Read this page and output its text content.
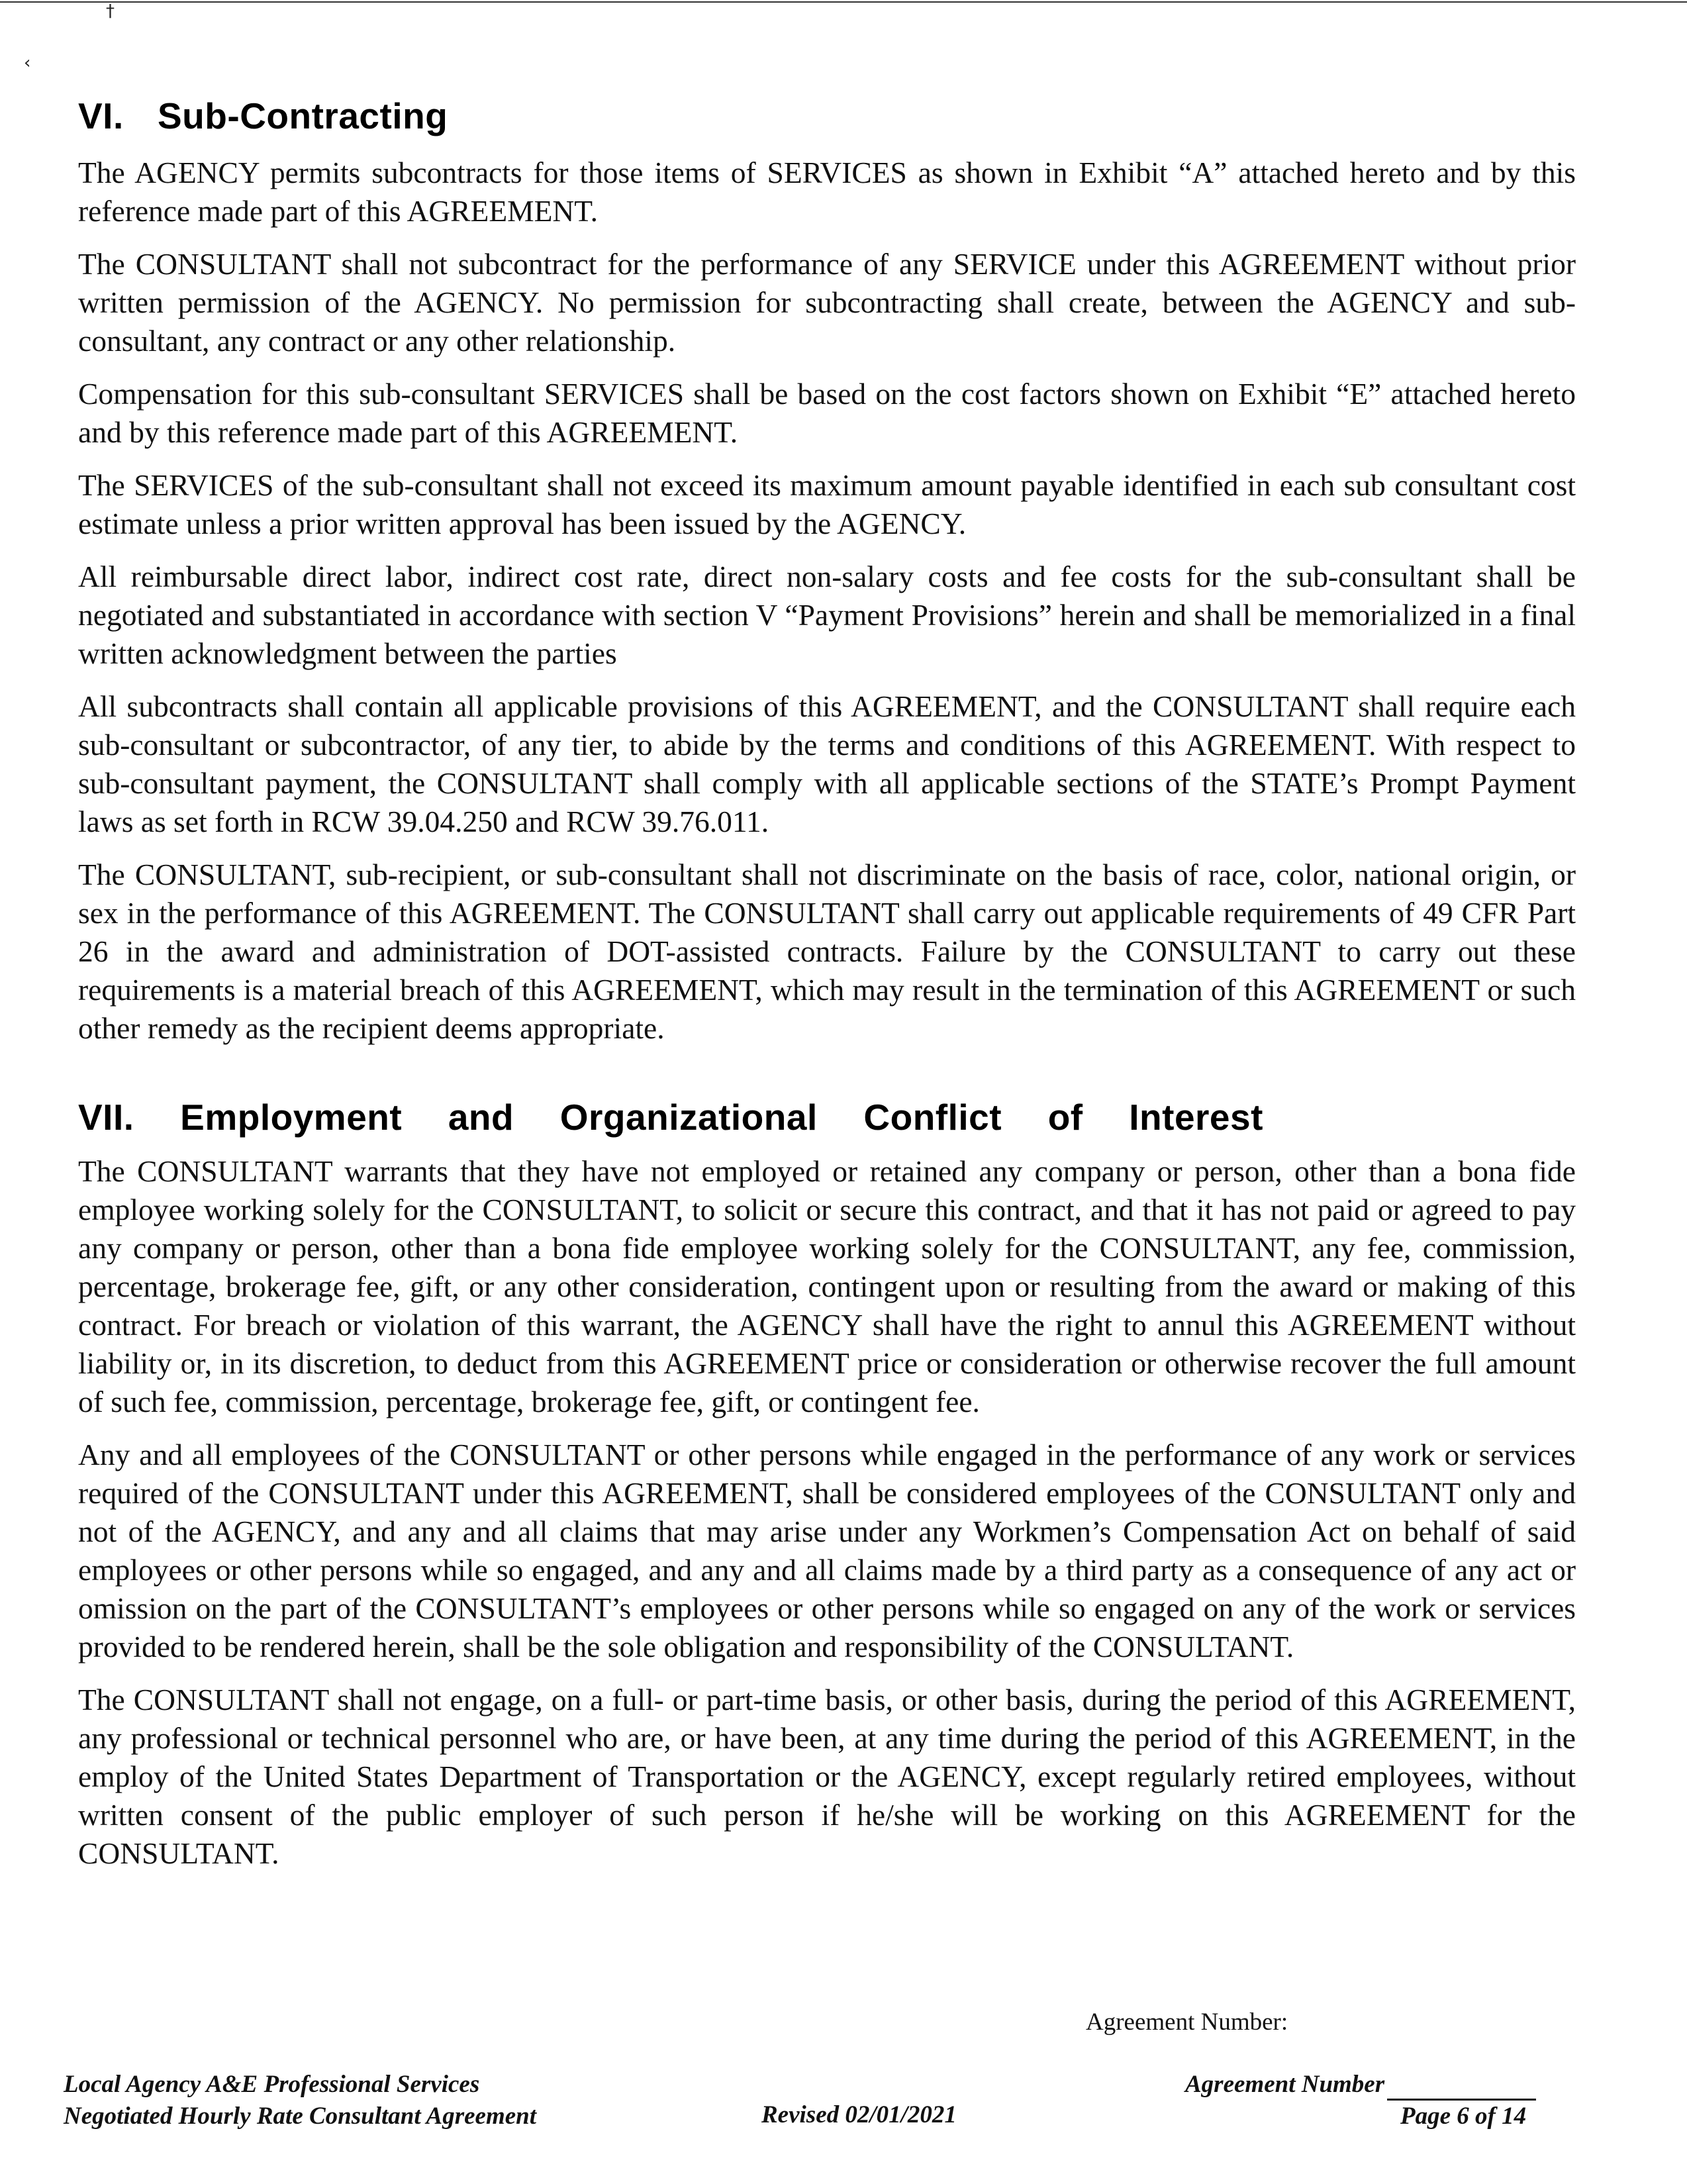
†
‹
VI. Sub-Contracting

The AGENCY permits subcontracts for those items of SERVICES as shown in Exhibit “A” attached hereto and by this reference made part of this AGREEMENT.

The CONSULTANT shall not subcontract for the performance of any SERVICE under this AGREEMENT without prior written permission of the AGENCY. No permission for subcontracting shall create, between the AGENCY and sub-consultant, any contract or any other relationship.

Compensation for this sub-consultant SERVICES shall be based on the cost factors shown on Exhibit “E” attached hereto and by this reference made part of this AGREEMENT.

The SERVICES of the sub-consultant shall not exceed its maximum amount payable identified in each sub consultant cost estimate unless a prior written approval has been issued by the AGENCY.

All reimbursable direct labor, indirect cost rate, direct non-salary costs and fee costs for the sub-consultant shall be negotiated and substantiated in accordance with section V “Payment Provisions” herein and shall be memorialized in a final written acknowledgment between the parties

All subcontracts shall contain all applicable provisions of this AGREEMENT, and the CONSULTANT shall require each sub-consultant or subcontractor, of any tier, to abide by the terms and conditions of this AGREEMENT. With respect to sub-consultant payment, the CONSULTANT shall comply with all applicable sections of the STATE’s Prompt Payment laws as set forth in RCW 39.04.250 and RCW 39.76.011.

The CONSULTANT, sub-recipient, or sub-consultant shall not discriminate on the basis of race, color, national origin, or sex in the performance of this AGREEMENT. The CONSULTANT shall carry out applicable requirements of 49 CFR Part 26 in the award and administration of DOT-assisted contracts. Failure by the CONSULTANT to carry out these requirements is a material breach of this AGREEMENT, which may result in the termination of this AGREEMENT or such other remedy as the recipient deems appropriate.

VII. Employment and Organizational Conflict of Interest

The CONSULTANT warrants that they have not employed or retained any company or person, other than a bona fide employee working solely for the CONSULTANT, to solicit or secure this contract, and that it has not paid or agreed to pay any company or person, other than a bona fide employee working solely for the CONSULTANT, any fee, commission, percentage, brokerage fee, gift, or any other consideration, contingent upon or resulting from the award or making of this contract. For breach or violation of this warrant, the AGENCY shall have the right to annul this AGREEMENT without liability or, in its discretion, to deduct from this AGREEMENT price or consideration or otherwise recover the full amount of such fee, commission, percentage, brokerage fee, gift, or contingent fee.

Any and all employees of the CONSULTANT or other persons while engaged in the performance of any work or services required of the CONSULTANT under this AGREEMENT, shall be considered employees of the CONSULTANT only and not of the AGENCY, and any and all claims that may arise under any Workmen’s Compensation Act on behalf of said employees or other persons while so engaged, and any and all claims made by a third party as a consequence of any act or omission on the part of the CONSULTANT’s employees or other persons while so engaged on any of the work or services provided to be rendered herein, shall be the sole obligation and responsibility of the CONSULTANT.

The CONSULTANT shall not engage, on a full- or part-time basis, or other basis, during the period of this AGREEMENT, any professional or technical personnel who are, or have been, at any time during the period of this AGREEMENT, in the employ of the United States Department of Transportation or the AGENCY, except regularly retired employees, without written consent of the public employer of such person if he/she will be working on this AGREEMENT for the CONSULTANT.

Agreement Number:
Local Agency A&E Professional Services
Negotiated Hourly Rate Consultant Agreement	Revised 02/01/2021
Agreement Number
Page 6 of 14
